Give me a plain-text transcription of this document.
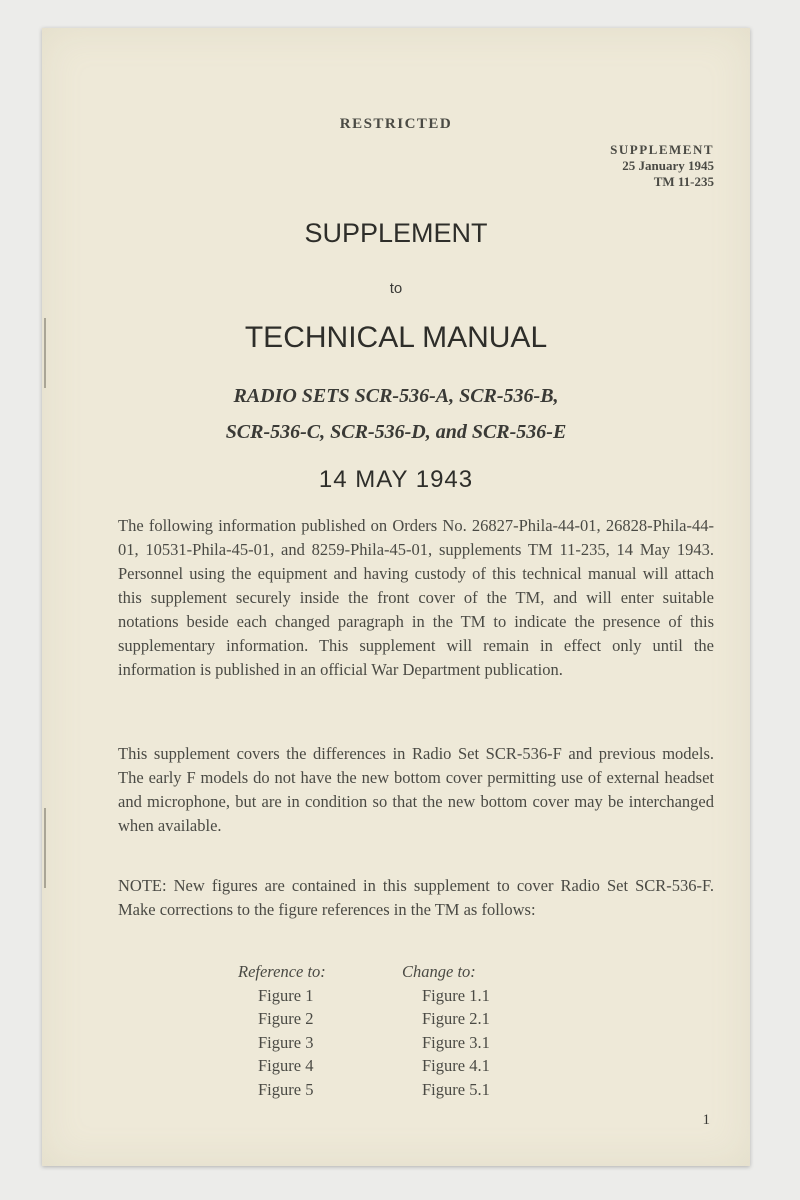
RESTRICTED
SUPPLEMENT
25 January 1945
TM 11-235
SUPPLEMENT
to
TECHNICAL MANUAL
RADIO SETS SCR-536-A, SCR-536-B,
SCR-536-C, SCR-536-D, and SCR-536-E
14 MAY 1943
The following information published on Orders No. 26827-Phila-44-01, 26828-Phila-44-01, 10531-Phila-45-01, and 8259-Phila-45-01, supplements TM 11-235, 14 May 1943. Personnel using the equipment and having custody of this technical manual will attach this supplement securely inside the front cover of the TM, and will enter suitable notations beside each changed paragraph in the TM to indicate the presence of this supplementary information. This supplement will remain in effect only until the information is published in an official War Department publication.
This supplement covers the differences in Radio Set SCR-536-F and previous models. The early F models do not have the new bottom cover permitting use of external headset and microphone, but are in condition so that the new bottom cover may be interchanged when available.
NOTE: New figures are contained in this supplement to cover Radio Set SCR-536-F. Make corrections to the figure references in the TM as follows:
Reference to:	Change to:
Figure 1	Figure 1.1
Figure 2	Figure 2.1
Figure 3	Figure 3.1
Figure 4	Figure 4.1
Figure 5	Figure 5.1
1
